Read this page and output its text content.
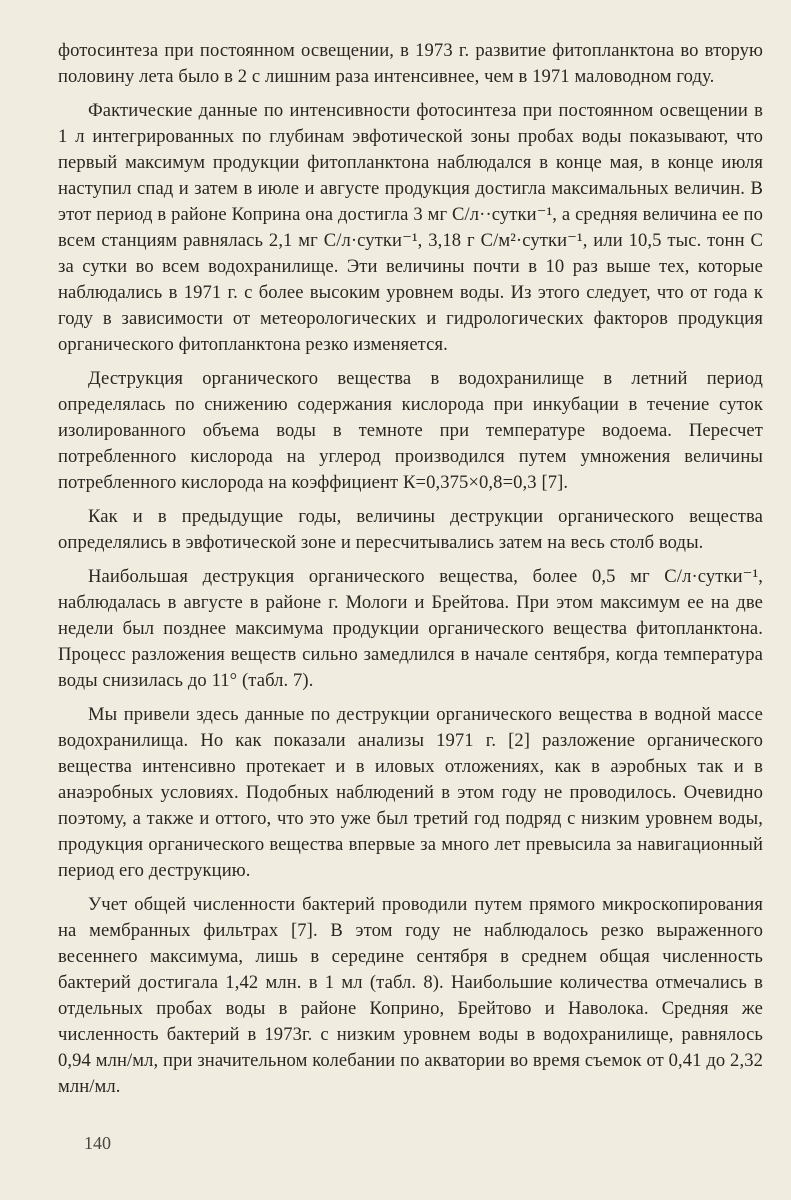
фотосинтеза при постоянном освещении, в 1973 г. развитие фитопланктона во вторую половину лета было в 2 с лишним раза интенсивнее, чем в 1971 маловодном году.

Фактические данные по интенсивности фотосинтеза при постоянном освещении в 1 л интегрированных по глубинам эвфотической зоны пробах воды показывают, что первый максимум продукции фитопланктона наблюдался в конце мая, в конце июля наступил спад и затем в июле и августе продукция достигла максимальных величин. В этот период в районе Коприна она достигла 3 мг С/л··сутки⁻¹, а средняя величина ее по всем станциям равнялась 2,1 мг С/л·сутки⁻¹, 3,18 г С/м²·сутки⁻¹, или 10,5 тыс. тонн С за сутки во всем водохранилище. Эти величины почти в 10 раз выше тех, которые наблюдались в 1971 г. с более высоким уровнем воды. Из этого следует, что от года к году в зависимости от метеорологических и гидрологических факторов продукция органического фитопланктона резко изменяется.

Деструкция органического вещества в водохранилище в летний период определялась по снижению содержания кислорода при инкубации в течение суток изолированного объема воды в темноте при температуре водоема. Пересчет потребленного кислорода на углерод производился путем умножения величины потребленного кислорода на коэффициент К=0,375×0,8=0,3 [7].

Как и в предыдущие годы, величины деструкции органического вещества определялись в эвфотической зоне и пересчитывались затем на весь столб воды.

Наибольшая деструкция органического вещества, более 0,5 мг С/л·сутки⁻¹, наблюдалась в августе в районе г. Мологи и Брейтова. При этом максимум ее на две недели был позднее максимума продукции органического вещества фитопланктона. Процесс разложения веществ сильно замедлился в начале сентября, когда температура воды снизилась до 11° (табл. 7).

Мы привели здесь данные по деструкции органического вещества в водной массе водохранилища. Но как показали анализы 1971 г. [2] разложение органического вещества интенсивно протекает и в иловых отложениях, как в аэробных так и в анаэробных условиях. Подобных наблюдений в этом году не проводилось. Очевидно поэтому, а также и оттого, что это уже был третий год подряд с низким уровнем воды, продукция органического вещества впервые за много лет превысила за навигационный период его деструкцию.

Учет общей численности бактерий проводили путем прямого микроскопирования на мембранных фильтрах [7]. В этом году не наблюдалось резко выраженного весеннего максимума, лишь в середине сентября в среднем общая численность бактерий достигала 1,42 млн. в 1 мл (табл. 8). Наибольшие количества отмечались в отдельных пробах воды в районе Коприно, Брейтово и Наволока. Средняя же численность бактерий в 1973г. с низким уровнем воды в водохранилище, равнялось 0,94 млн/мл, при значительном колебании по акватории во время съемок от 0,41 до 2,32 млн/мл.

140
